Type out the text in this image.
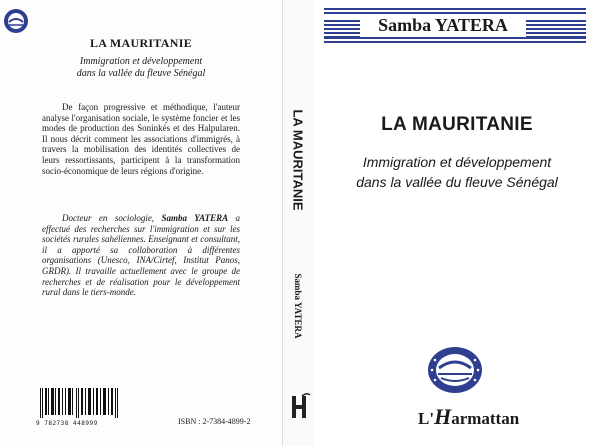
LA MAURITANIE
Immigration et développement
dans la vallée du fleuve Sénégal

De façon progressive et méthodique, l'auteur analyse l'organisation sociale, le système foncier et les modes de production des Soninkés et des Halpularen. Il nous décrit comment les associations d'immigrés, à travers la mobilisation des identités collectives de leurs ressortissants, participent à la transformation socio-économique de leurs régions d'origine.

Docteur en sociologie, Samba YATERA a effectué des recherches sur l'immigration et sur les sociétés rurales sahéliennes. Enseignant et consultant, il a apporté sa collaboration à différentes organisations (Unesco, INA/Cirtef, Institut Panos, GRDR). Il travaille actuellement avec le groupe de recherches et de réalisation pour le développement rural dans le tiers-monde.

9 782738 448999	ISBN : 2-7384-4899-2
LA MAURITANIE
Samba YATERA
Samba YATERA
LA MAURITANIE
Immigration et développement
dans la vallée du fleuve Sénégal
L'Harmattan
